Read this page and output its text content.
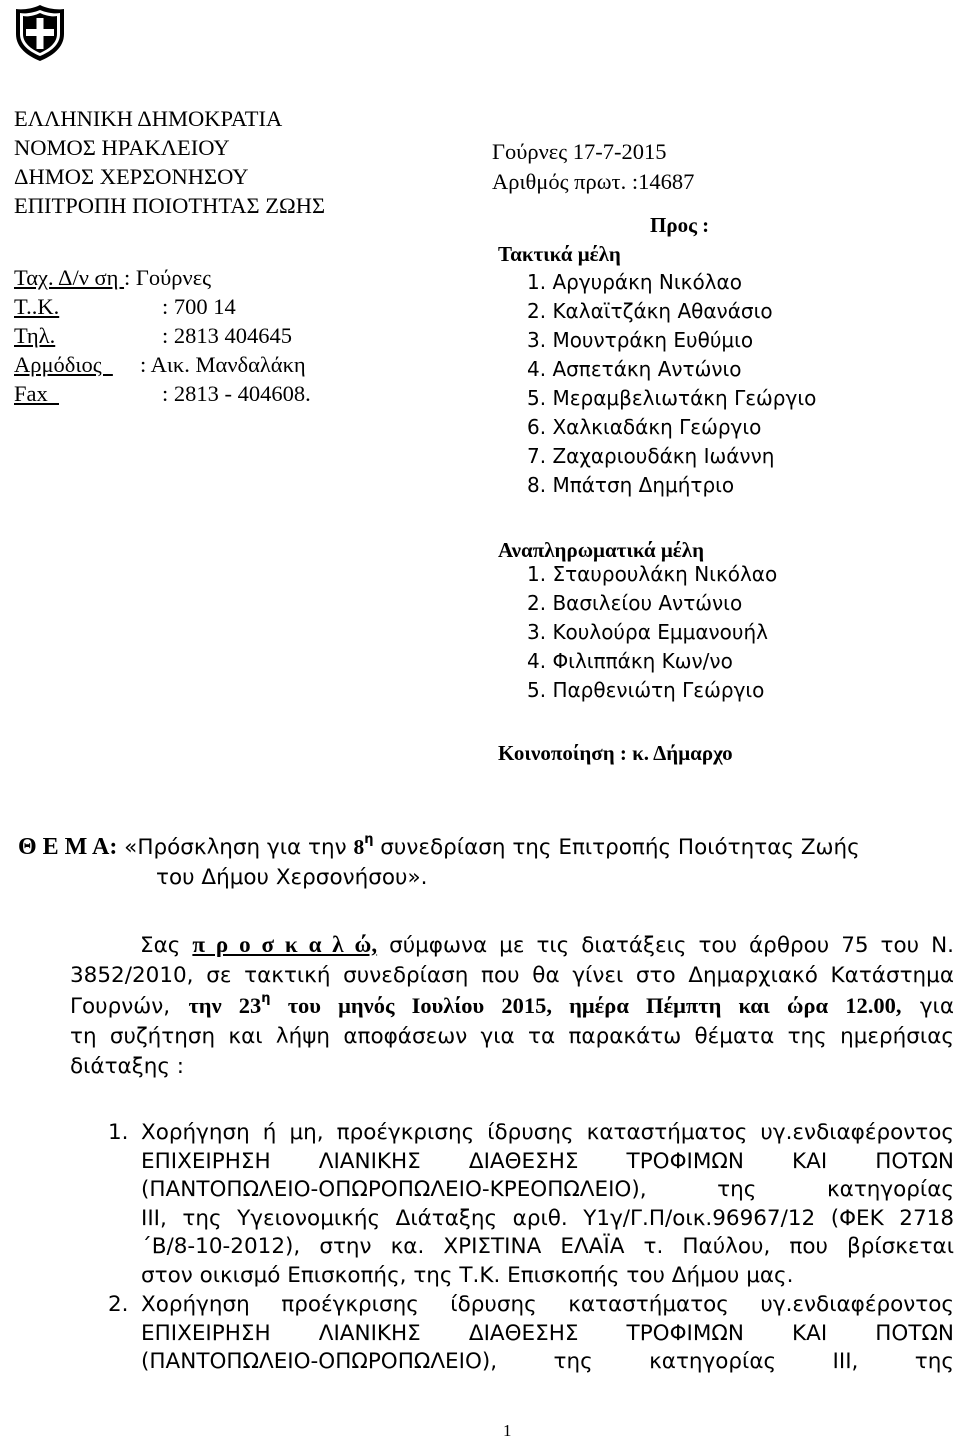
ΕΛΛΗΝΙΚΗ ΔΗΜΟΚΡΑΤΙΑ
ΝΟΜΟΣ ΗΡΑΚΛΕΙΟΥ
ΔΗΜΟΣ ΧΕΡΣΟΝΗΣΟΥ
ΕΠΙΤΡΟΠΗ ΠΟΙΟΤΗΤΑΣ ΖΩΗΣ
Ταχ. Δ/ν ση : Γούρνες
Τ..Κ.	: 700 14
Τηλ.	: 2813 404645
Αρμόδιος  : Αικ. Μανδαλάκη
Fax	: 2813 - 404608.
Γούρνες 17-7-2015
Αριθμός πρωτ. :14687
Προς :
Τακτικά μέλη
1. Αργυράκη Νικόλαο
2. Καλαϊτζάκη Αθανάσιο
3. Μουντράκη Ευθύμιο
4. Ασπετάκη Αντώνιο
5. Μεραμβελιωτάκη Γεώργιο
6. Χαλκιαδάκη Γεώργιο
7. Ζαχαριουδάκη Ιωάννη
8. Μπάτση Δημήτριο
Αναπληρωματικά μέλη
1. Σταυρουλάκη Νικόλαο
2. Βασιλείου Αντώνιο
3. Κουλούρα Εμμανουήλ
4. Φιλιππάκη Κων/νο
5. Παρθενιώτη Γεώργιο
Κοινοποίηση : κ. Δήμαρχο
Θ Ε Μ Α: «Πρόσκληση για την $8^\eta$ συνεδρίαση της Επιτροπής Ποιότητας Ζωής
του Δήμου Χερσονήσου».
Σας π ρ ο σ κ α λ ώ, σύμφωνα με τις διατάξεις του άρθρου 75 του Ν.
3852/2010, σε τακτική συνεδρίαση που θα γίνει στο Δημαρχιακό Κατάστημα
Γουρνών, την $23^\eta$ του μηνός Ιουλίου 2015, ημέρα Πέμπτη και ώρα 12.00, για
τη συζήτηση και λήψη αποφάσεων για τα παρακάτω θέματα της ημερήσιας
διάταξης :
1. Χορήγηση ή μη, προέγκρισης ίδρυσης καταστήματος υγ.ενδιαφέροντος
ΕΠΙΧΕΙΡΗΣΗ ΛΙΑΝΙΚΗΣ ΔΙΑΘΕΣΗΣ ΤΡΟΦΙΜΩΝ ΚΑΙ ΠΟΤΩΝ
(ΠΑΝΤΟΠΩΛΕΙΟ-ΟΠΩΡΟΠΩΛΕΙΟ-ΚΡΕΟΠΩΛΕΙΟ), της κατηγορίας
ΙΙΙ, της Υγειονομικής Διάταξης αριθ. Υ1γ/Γ.Π/οικ.96967/12 (ΦΕΚ 2718
΄Β/8-10-2012), στην κα. ΧΡΙΣΤΙΝΑ ΕΛΑΪΑ τ. Παύλου, που βρίσκεται
στον οικισμό Επισκοπής, της Τ.Κ. Επισκοπής του Δήμου μας.
2. Χορήγηση προέγκρισης ίδρυσης καταστήματος υγ.ενδιαφέροντος
ΕΠΙΧΕΙΡΗΣΗ ΛΙΑΝΙΚΗΣ ΔΙΑΘΕΣΗΣ ΤΡΟΦΙΜΩΝ ΚΑΙ ΠΟΤΩΝ
(ΠΑΝΤΟΠΩΛΕΙΟ-ΟΠΩΡΟΠΩΛΕΙΟ), της κατηγορίας ΙΙΙ, της
1
